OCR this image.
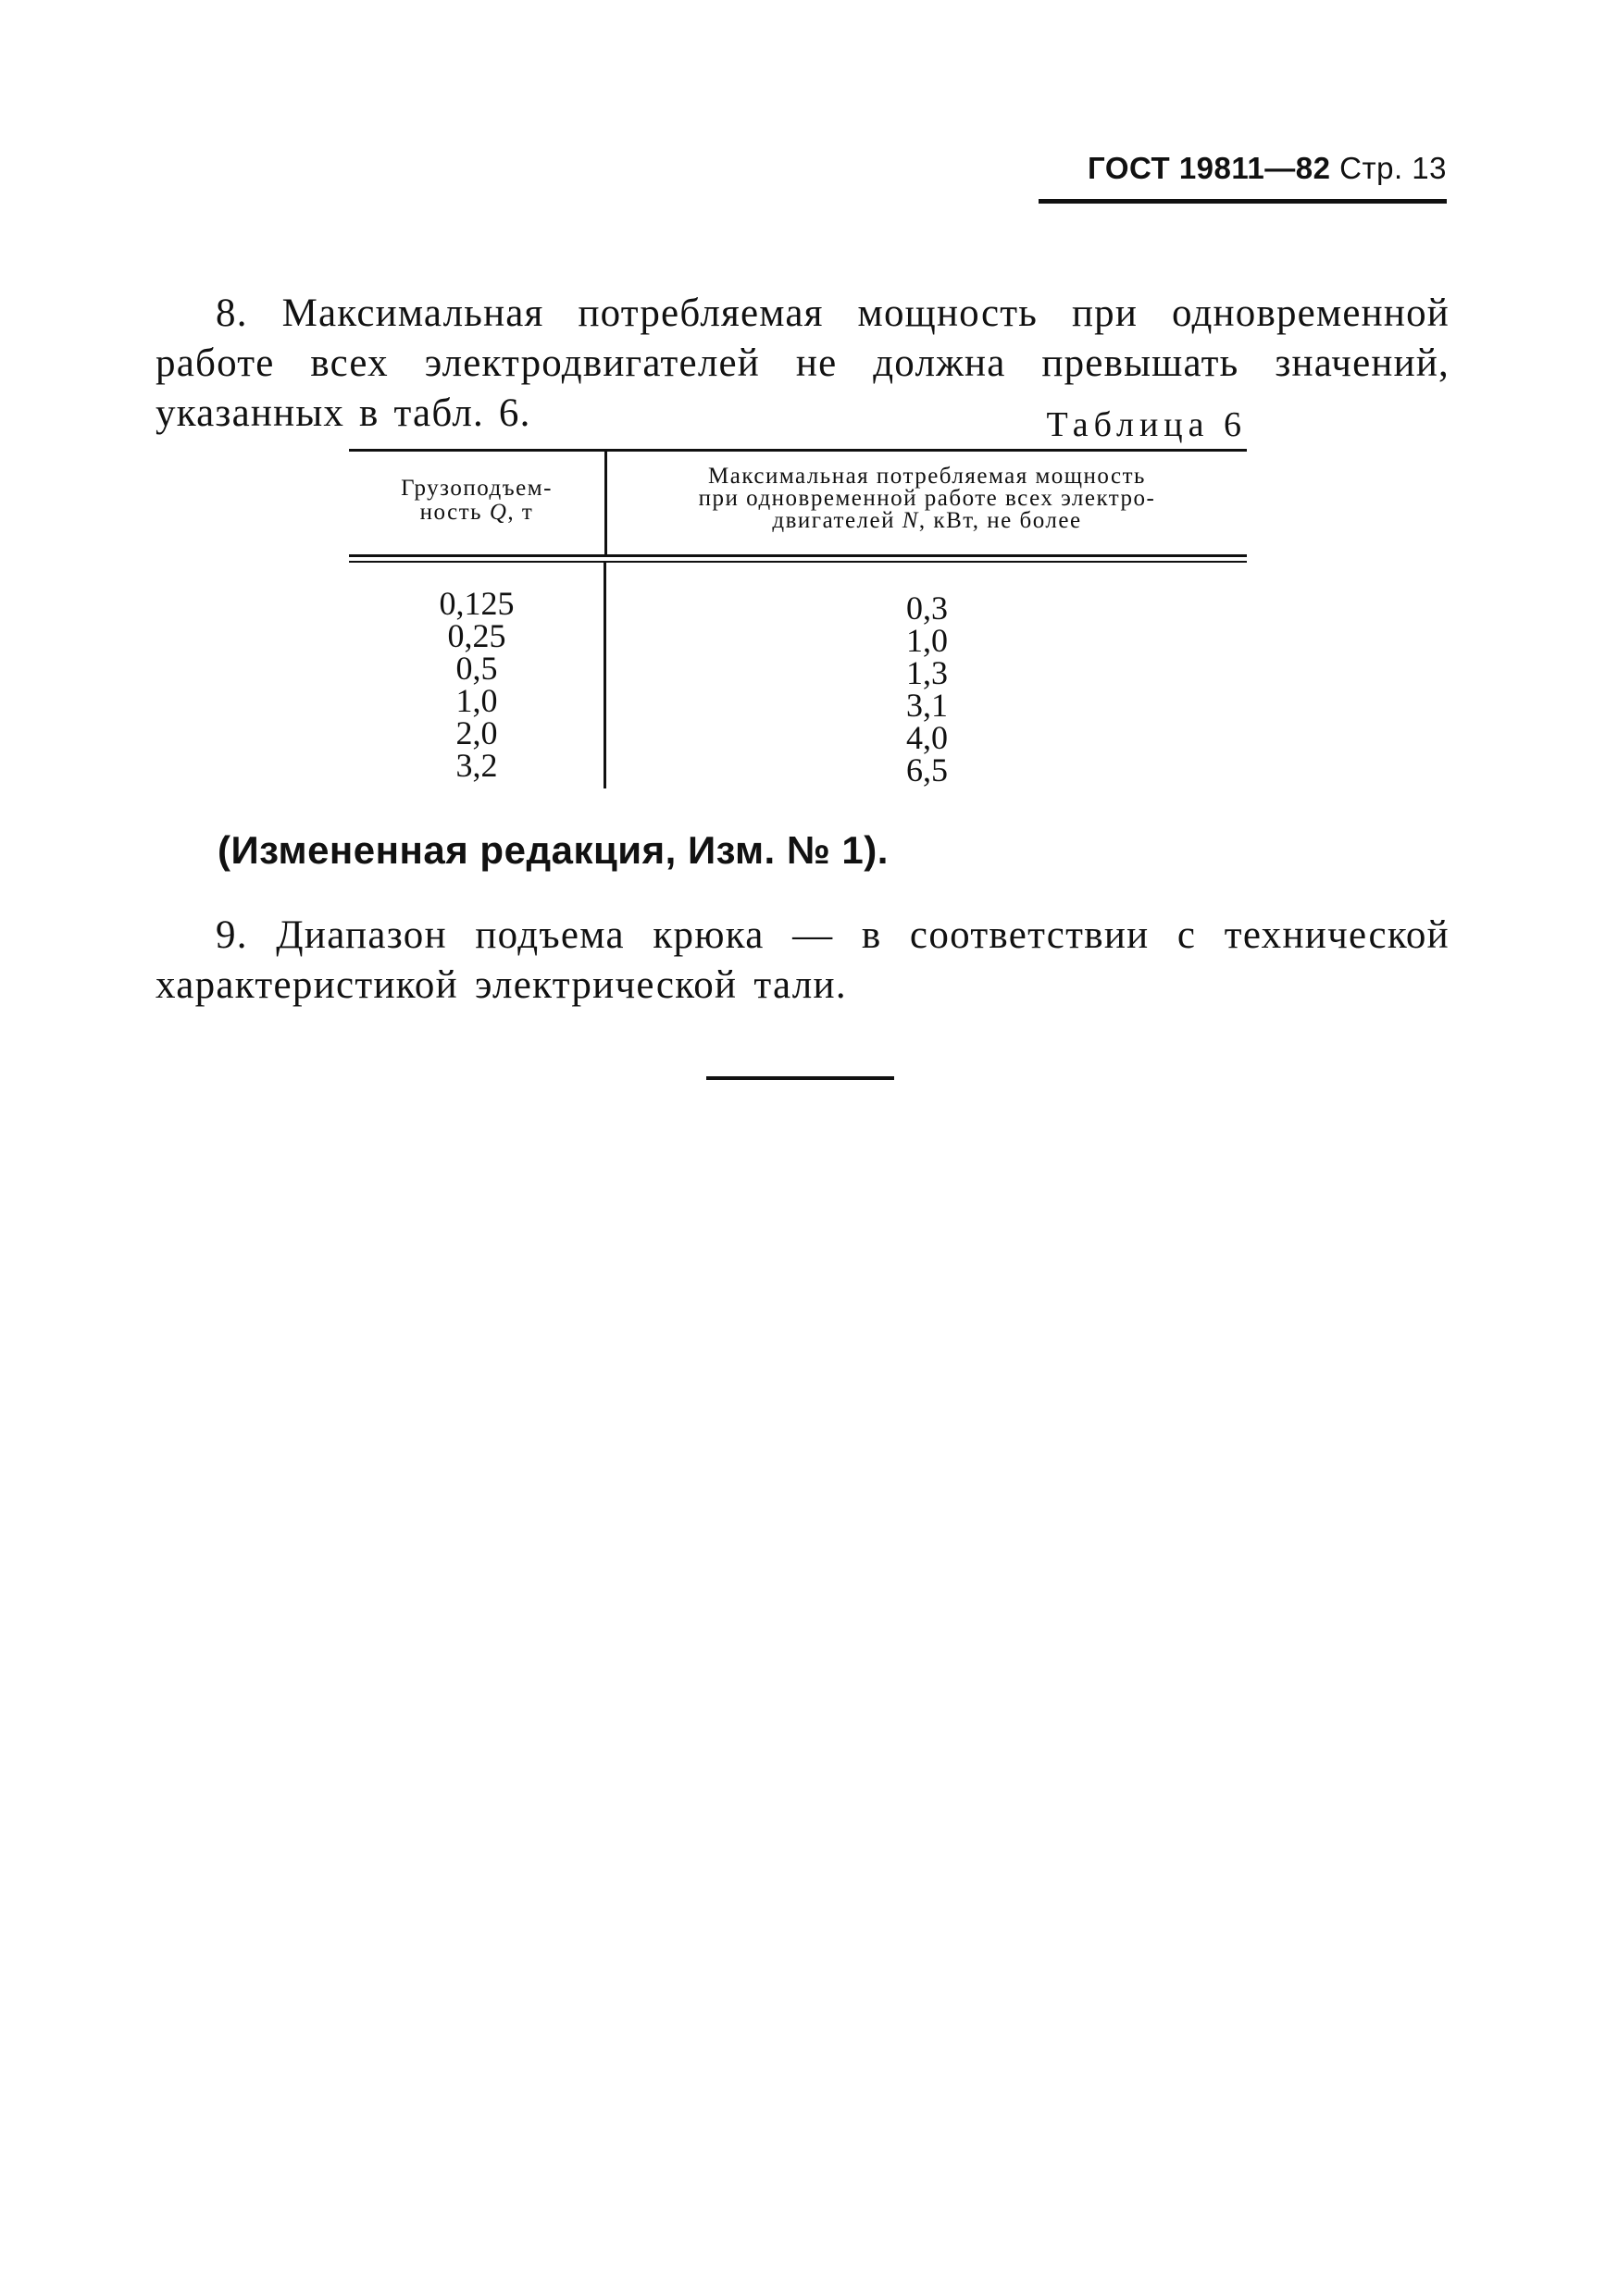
ГОСТ 19811—82 Стр. 13

8. Максимальная потребляемая мощность при одновременной работе всех электродвигателей не должна превышать значений, указанных в табл. 6.	Таблица 6
Грузоподъем-
ность Q, т
Максимальная потребляемая мощность
при одновременной работе всех электро-
двигателей N, кВт, не более
0,125
0,25
0,5
1,0
2,0
3,2
0,3
1,0
1,3
3,1
4,0
6,5
(Измененная редакция, Изм. № 1).

9. Диапазон подъема крюка — в соответствии с технической характеристикой электрической тали.
